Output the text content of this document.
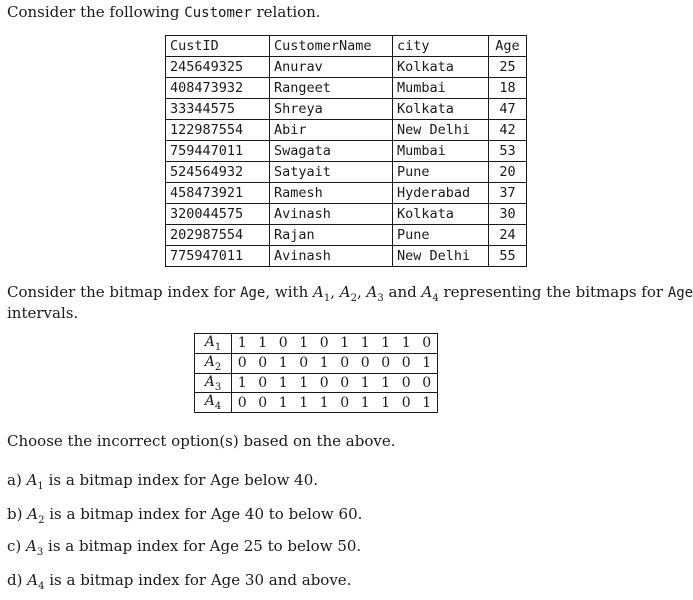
Consider the following Customer relation.
CustID	CustomerName	city	Age
245649325	Anurav	Kolkata	25
408473932	Rangeet	Mumbai	18
33344575	Shreya	Kolkata	47
122987554	Abir	New Delhi	42
759447011	Swagata	Mumbai	53
524564932	Satyait	Pune	20
458473921	Ramesh	Hyderabad	37
320044575	Avinash	Kolkata	30
202987554	Rajan	Pune	24
775947011	Avinash	New Delhi	55
Consider the bitmap index for Age, with $A_1$, $A_2$, $A_3$ and $A_4$ representing the bitmaps for Age
intervals.
$A_1$	1	1	0	1	0	1	1	1	1	0
$A_2$	0	0	1	0	1	0	0	0	0	1
$A_3$	1	0	1	1	0	0	1	1	0	0
$A_4$	0	0	1	1	1	0	1	1	0	1
Choose the incorrect option(s) based on the above.
a) $A_1$ is a bitmap index for Age below 40.
b) $A_2$ is a bitmap index for Age 40 to below 60.
c) $A_3$ is a bitmap index for Age 25 to below 50.
d) $A_4$ is a bitmap index for Age 30 and above.
